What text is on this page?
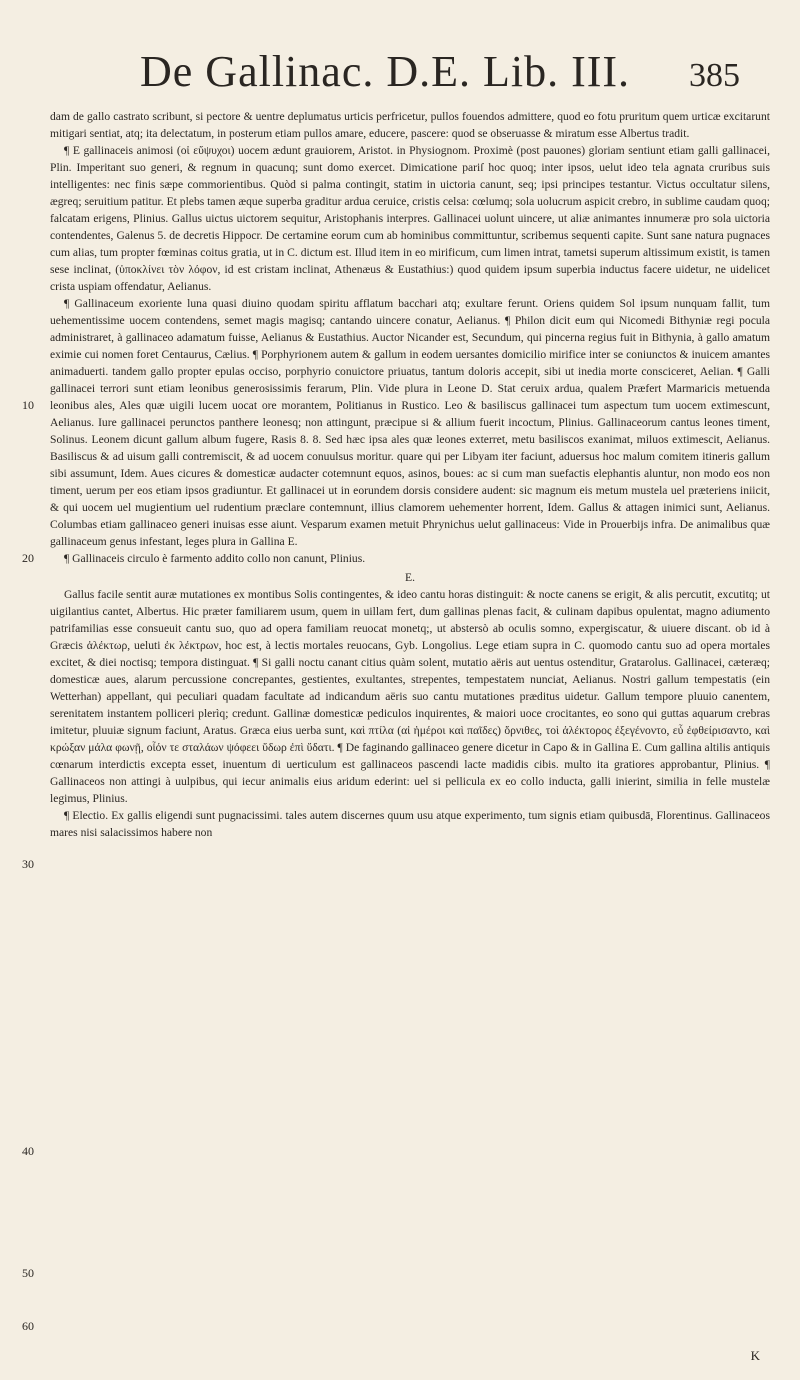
De Gallinac. D.E. Lib. III. 385
10
20
30
40
50
60

dam de gallo castrato scribunt, si pectore & uentre deplumatus urticis perfricetur, pullos fouendos admittere, quod eo fotu pruritum quem urticæ excitarunt mitigari sentiat, atq; ita delectatum, in posterum etiam pullos amare, educere, pascere: quod se obseruasse & miratum esse Albertus tradit.

¶ E gallinaceis animosi (οἱ εὔψυχοι) uocem ædunt grauiorem, Aristot. in Physiognom. Proximè (post pauones) gloriam sentiunt etiam galli gallinacei, Plin. Imperitant suo generi, & regnum in quacunq; sunt domo exercet. Dimicatione pariſ hoc quoq; inter ipsos, uelut ideo tela agnata cruribus suis intelligentes: nec finis sæpe commorientibus. Quòd si palma contingit, statim in uictoria canunt, seq; ipsi principes testantur. Victus occultatur silens, ægreq; seruitium patitur. Et plebs tamen æque superba graditur ardua ceruice, cristis celsa: cœlumq; sola uolucrum aspicit crebro, in sublime caudam quoq; falcatam erigens, Plinius. Gallus uictus uictorem sequitur, Aristophanis interpres. Gallinacei uolunt uincere, ut aliæ animantes innumeræ pro sola uictoria contendentes, Galenus 5. de decretis Hippocr. De certamine eorum cum ab hominibus committuntur, scribemus sequenti capite. Sunt sane natura pugnaces cum alias, tum propter fœminas coitus gratia, ut in C. dictum est. Illud item in eo mirificum, cum limen intrat, tametsi superum altissimum existit, is tamen sese inclinat, (ὑποκλίνει τὸν λόφον, id est cristam inclinat, Athenæus & Eustathius:) quod quidem ipsum superbia inductus facere uidetur, ne uidelicet crista uspiam offendatur, Aelianus.

¶ Gallinaceum exoriente luna quasi diuino quodam spiritu afflatum bacchari atq; exultare ferunt. Oriens quidem Sol ipsum nunquam fallit, tum uehementissime uocem contendens, semet magis magisq; cantando uincere conatur, Aelianus. ¶ Philon dicit eum qui Nicomedi Bithyniæ regi pocula administraret, à gallinaceo adamatum fuisse, Aelianus & Eustathius. Auctor Nicander est, Secundum, qui pincerna regius fuit in Bithynia, à gallo amatum eximie cui nomen foret Centaurus, Cælius. ¶ Porphyrionem autem & gallum in eodem uersantes domicilio mirifice inter se coniunctos & inuicem amantes animaduerti. tandem gallo propter epulas occiso, porphyrio conuictore priuatus, tantum doloris accepit, sibi ut inedia morte consciceret, Aelian. ¶ Galli gallinacei terrori sunt etiam leonibus generosissimis ferarum, Plin. Vide plura in Leone D. Stat ceruix ardua, qualem Præfert Marmaricis metuenda leonibus ales, Ales quæ uigili lucem uocat ore morantem, Politianus in Rustico. Leo & basiliscus gallinacei tum aspectum tum uocem extimescunt, Aelianus. Iure gallinacei perunctos panthere leonesq; non attingunt, præcipue si & allium fuerit incoctum, Plinius. Gallinaceorum cantus leones timent, Solinus. Leonem dicunt gallum album fugere, Rasis 8. 8. Sed hæc ipsa ales quæ leones exterret, metu basiliscos exanimat, miluos extimescit, Aelianus. Basiliscus & ad uisum galli contremiscit, & ad uocem conuulsus moritur. quare qui per Libyam iter faciunt, aduersus hoc malum comitem itineris gallum sibi assumunt, Idem. Aues cicures & domesticæ audacter cotemnunt equos, asinos, boues: ac si cum man suefactis elephantis aluntur, non modo eos non timent, uerum per eos etiam ipsos gradiuntur. Et gallinacei ut in eorundem dorsis considere audent: sic magnum eis metum mustela uel præteriens iniicit, & qui uocem uel mugientium uel rudentium præclare contemnunt, illius clamorem uehementer horrent, Idem. Gallus & attagen inimici sunt, Aelianus. Columbas etiam gallinaceo generi inuisas esse aiunt. Vesparum examen metuit Phrynichus uelut gallinaceus: Vide in Prouerbijs infra. De animalibus quæ gallinaceum genus infestant, leges plura in Gallina E.

¶ Gallinaceis circulo è farmento addito collo non canunt, Plinius.

E.

Gallus facile sentit auræ mutationes ex montibus Solis contingentes, & ideo cantu horas distinguit: & nocte canens se erigit, & alis percutit, excutitq; ut uigilantius cantet, Albertus. Hic præter familiarem usum, quem in uillam fert, dum gallinas plenas facit, & culinam dapibus opulentat, magno adiumento patrifamilias esse consueuit cantu suo, quo ad opera familiam reuocat monetq;, ut abstersò ab oculis somno, expergiscatur, & uiuere discant. ob id à Græcis ἀλέκτωρ, ueluti ἐκ λέκτρων, hoc est, à lectis mortales reuocans, Gyb. Longolius. Lege etiam supra in C. quomodo cantu suo ad opera mortales excitet, & diei noctisq; tempora distinguat. ¶ Si galli noctu canant citius quàm solent, mutatio aëris aut uentus ostenditur, Gratarolus. Gallinacei, cæteræq; domesticæ aues, alarum percussione concrepantes, gestientes, exultantes, strepentes, tempestatem nunciat, Aelianus. Nostri gallum tempestatis (ein Wetterhan) appellant, qui peculiari quadam facultate ad indicandum aëris suo cantu mutationes præditus uidetur. Gallum tempore pluuio canentem, serenitatem instantem polliceri plerìq; credunt. Gallinæ domesticæ pediculos inquirentes, & maiori uoce crocitantes, eo sono qui guttas aquarum crebras imitetur, pluuiæ signum faciunt, Aratus. Græca eius uerba sunt, καὶ πτίλα (αἱ ἡμέροι καὶ παῖδες) ὄρνιθες, τοὶ ἀλέκτορος ἐξεγένοντο, εὖ ἐφθείρισαντο, καὶ κρώξαν μάλα φωνῇ, οἷόν τε σταλάων ψόφεει ὕδωρ ἐπὶ ὕδατι. ¶ De faginando gallinaceo genere dicetur in Capo & in Gallina E. Cum gallina altilis antiquis cœnarum interdictis excepta esset, inuentum di uerticulum est gallinaceos pascendi lacte madidis cibis. multo ita gratiores approbantur, Plinius. ¶ Gallinaceos non attingi à uulpibus, qui iecur animalis eius aridum ederint: uel si pellicula ex eo collo inducta, galli inierint, similia in felle mustelæ legimus, Plinius.

¶ Electio. Ex gallis eligendi sunt pugnacissimi. tales autem discernes quum usu atque experimento, tum signis etiam quibusdā, Florentinus. Gallinaceos mares nisi salacissimos habere non

K
